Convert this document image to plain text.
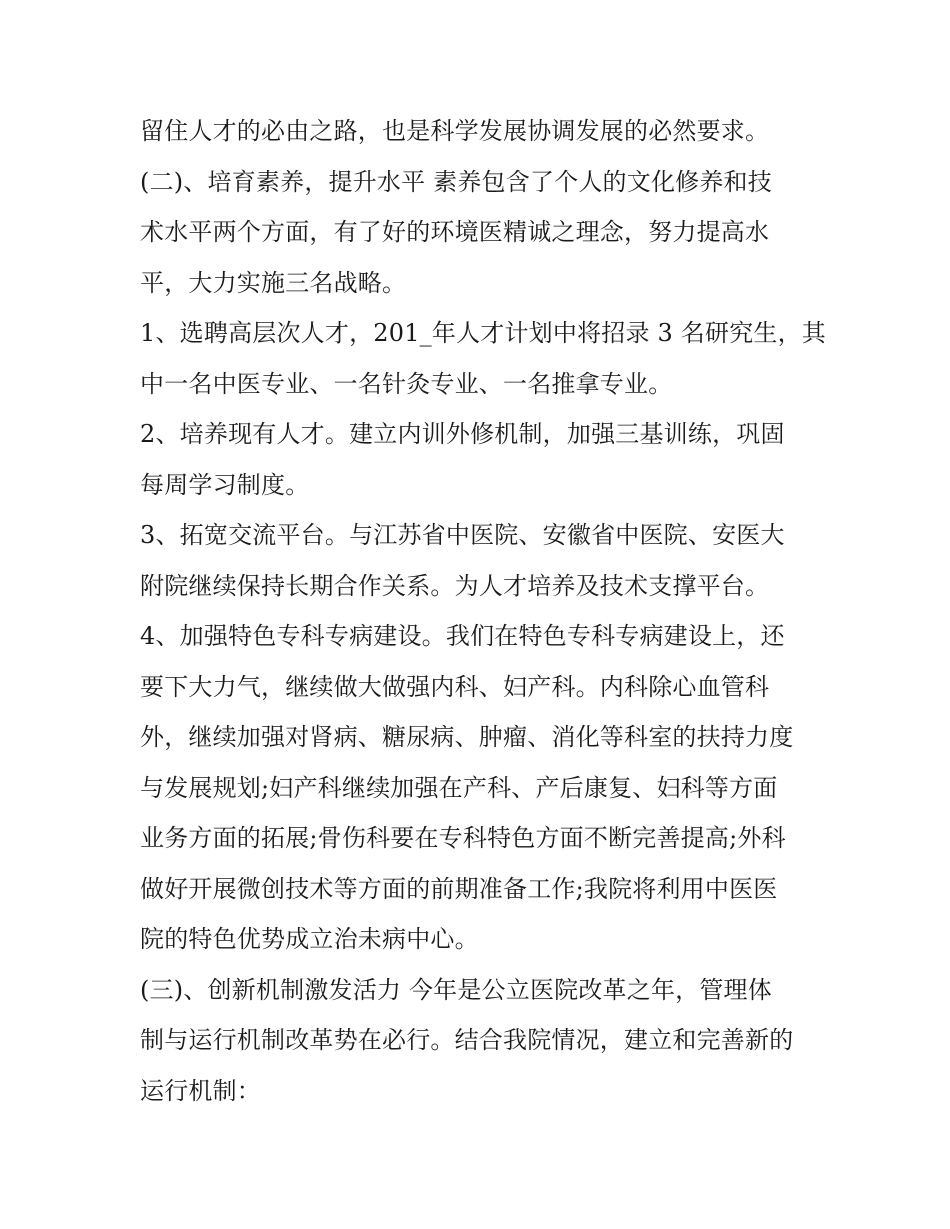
留住人才的必由之路，也是科学发展协调发展的必然要求。
(二)、培育素养，提升水平 素养包含了个人的文化修养和技
术水平两个方面，有了好的环境医精诚之理念，努力提高水
平，大力实施三名战略。
1、选聘高层次人才，201_年人才计划中将招录 3 名研究生，其
中一名中医专业、一名针灸专业、一名推拿专业。
2、培养现有人才。建立内训外修机制，加强三基训练，巩固
每周学习制度。
3、拓宽交流平台。与江苏省中医院、安徽省中医院、安医大
附院继续保持长期合作关系。为人才培养及技术支撑平台。
4、加强特色专科专病建设。我们在特色专科专病建设上，还
要下大力气，继续做大做强内科、妇产科。内科除心血管科
外，继续加强对肾病、糖尿病、肿瘤、消化等科室的扶持力度
与发展规划;妇产科继续加强在产科、产后康复、妇科等方面
业务方面的拓展;骨伤科要在专科特色方面不断完善提高;外科
做好开展微创技术等方面的前期准备工作;我院将利用中医医
院的特色优势成立治未病中心。
(三)、创新机制激发活力 今年是公立医院改革之年，管理体
制与运行机制改革势在必行。结合我院情况，建立和完善新的
运行机制：
